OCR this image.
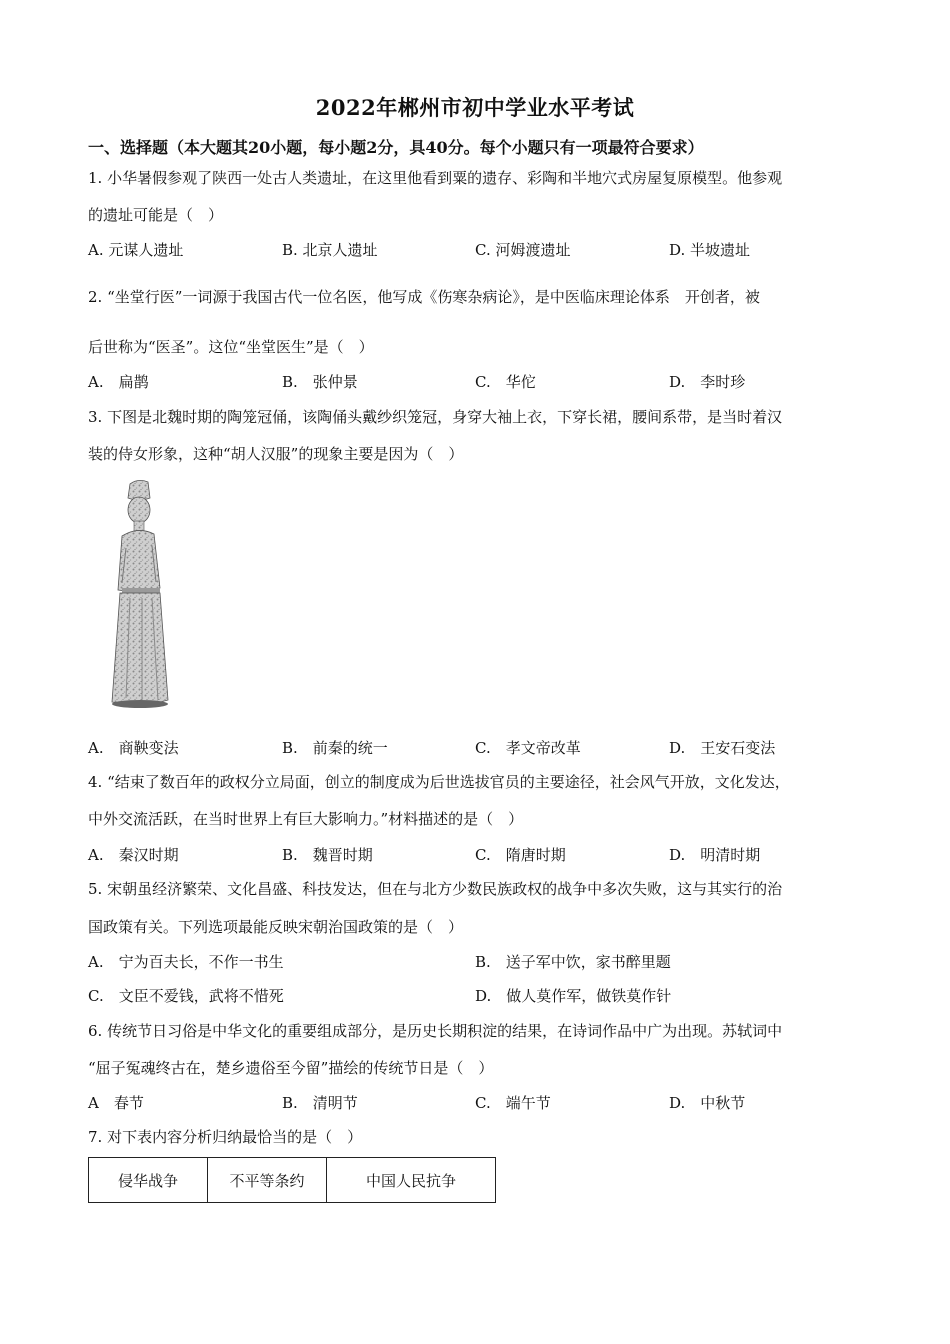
2022年郴州市初中学业水平考试
一、选择题（本大题其20小题，每小题2分，具40分。每个小题只有一项最符合要求）
1. 小华暑假参观了陕西一处古人类遗址，在这里他看到粟的遗存、彩陶和半地穴式房屋复原模型。他参观
的遗址可能是（　）
A. 元谋人遗址	B. 北京人遗址	C. 河姆渡遗址	D. 半坡遗址
2. “坐堂行医”一词源于我国古代一位名医，他写成《伤寒杂病论》，是中医临床理论体系　开创者，被
后世称为“医圣”。这位“坐堂医生”是（　）
A.　扁鹊	B.　张仲景	C.　华佗	D.　李时珍
3. 下图是北魏时期的陶笼冠俑，该陶俑头戴纱织笼冠，身穿大袖上衣，下穿长裙，腰间系带，是当时着汉
装的侍女形象，这种“胡人汉服”的现象主要是因为（　）
A.　商鞅变法	B.　前秦的统一	C.　孝文帝改革	D.　王安石变法
4. “结束了数百年的政权分立局面，创立的制度成为后世选拔官员的主要途径，社会风气开放，文化发达，
中外交流活跃，在当时世界上有巨大影响力。”材料描述的是（　）
A.　秦汉时期	B.　魏晋时期	C.　隋唐时期	D.　明清时期
5. 宋朝虽经济繁荣、文化昌盛、科技发达，但在与北方少数民族政权的战争中多次失败，这与其实行的治
国政策有关。下列选项最能反映宋朝治国政策的是（　）
A.　宁为百夫长，不作一书生	B.　送子军中饮，家书醉里题
C.　文臣不爱钱，武将不惜死	D.　做人莫作军，做铁莫作针
6. 传统节日习俗是中华文化的重要组成部分，是历史长期积淀的结果，在诗词作品中广为出现。苏轼词中
“屈子冤魂终古在，楚乡遗俗至今留”描绘的传统节日是（　）
A　春节	B.　清明节	C.　端午节	D.　中秋节
7. 对下表内容分析归纳最恰当的是（　）
侵华战争	不平等条约	中国人民抗争
